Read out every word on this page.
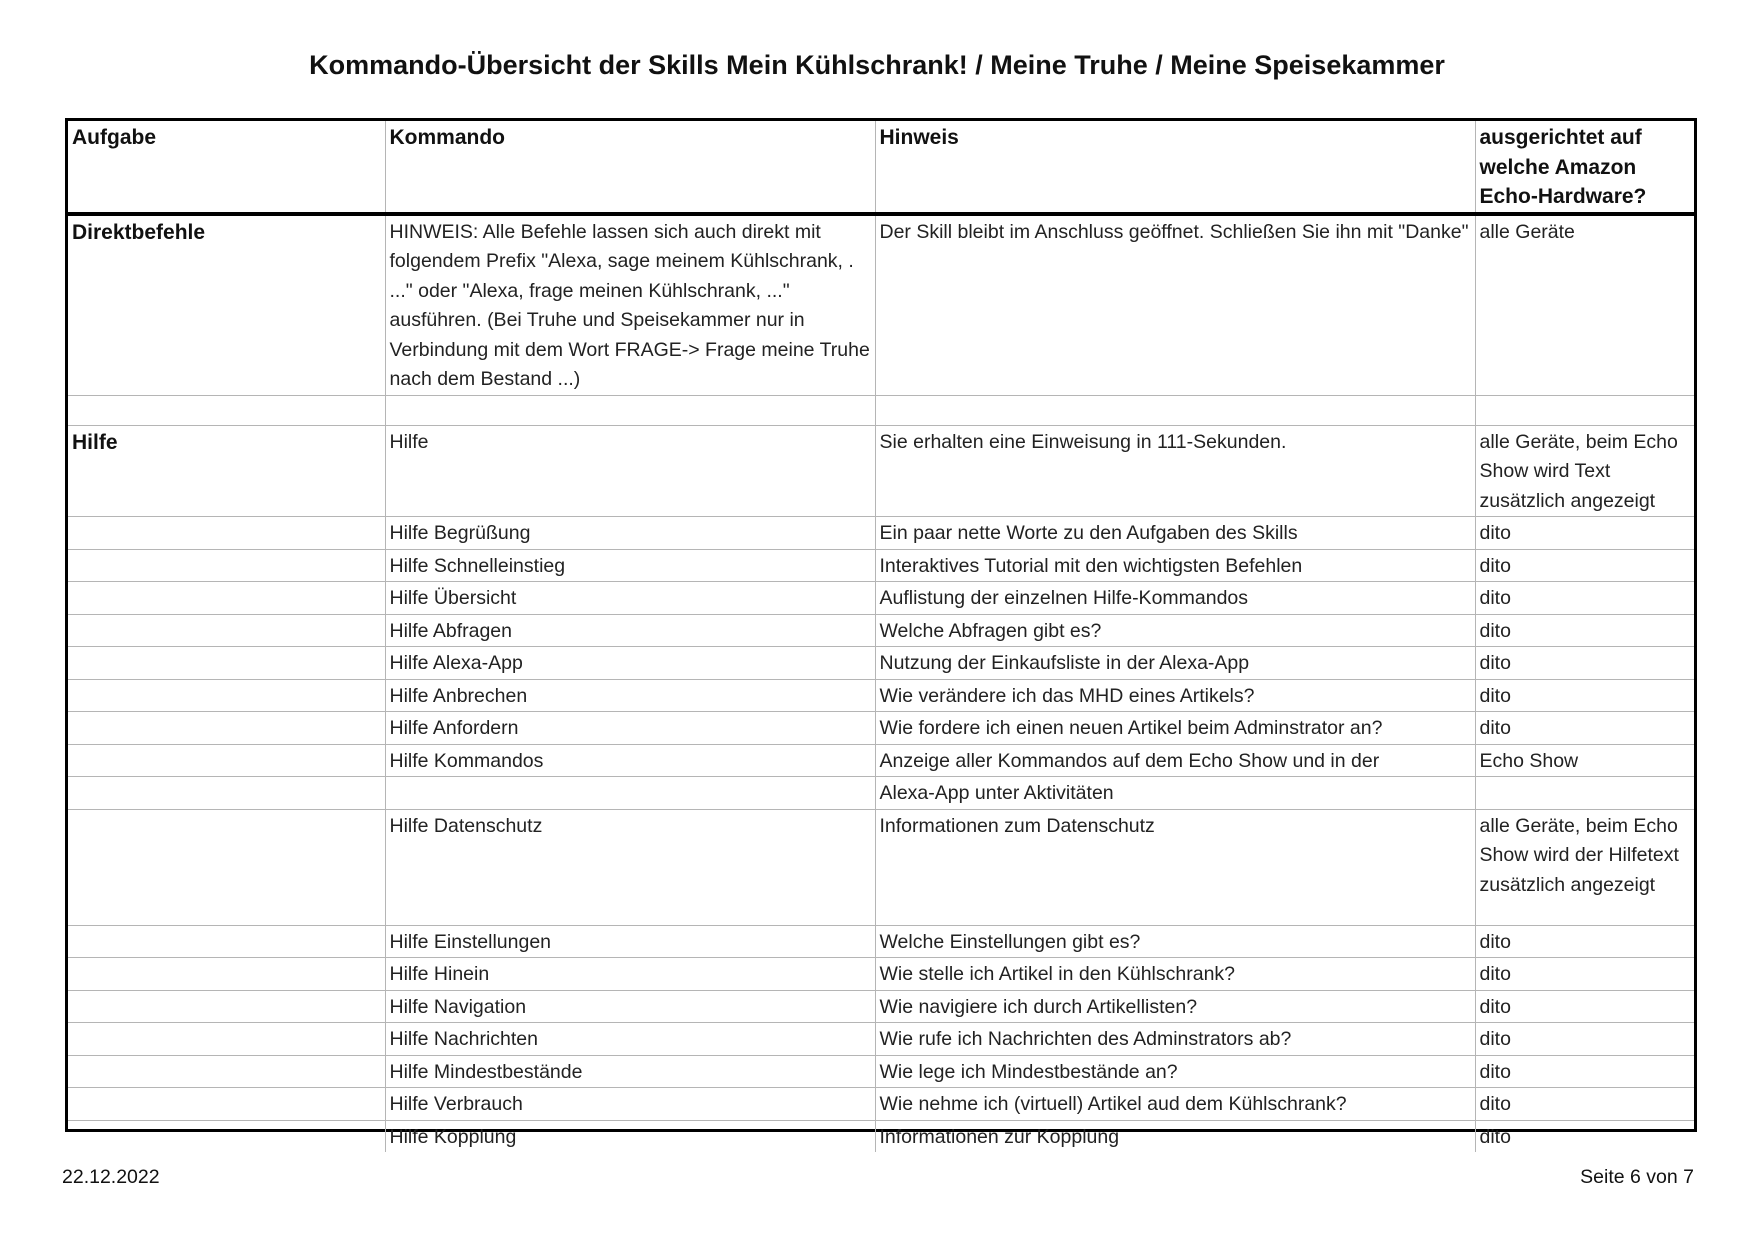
Kommando-Übersicht der Skills Mein Kühlschrank! / Meine Truhe / Meine Speisekammer
Aufgabe	Kommando	Hinweis	ausgerichtet auf welche Amazon Echo-Hardware?
Direktbefehle	HINWEIS: Alle Befehle lassen sich auch direkt mit folgendem Prefix "Alexa, sage meinem Kühlschrank, . ..." oder "Alexa, frage meinen Kühlschrank, ..." ausführen. (Bei Truhe und Speisekammer nur in Verbindung mit dem Wort FRAGE-> Frage meine Truhe nach dem Bestand ...)	Der Skill bleibt im Anschluss geöffnet. Schließen Sie ihn mit "Danke"	alle Geräte

Hilfe	Hilfe	Sie erhalten eine Einweisung in 111-Sekunden.	alle Geräte, beim Echo Show wird Text zusätzlich angezeigt
	Hilfe Begrüßung	Ein paar nette Worte zu den Aufgaben des Skills	dito
	Hilfe Schnelleinstieg	Interaktives Tutorial mit den wichtigsten Befehlen	dito
	Hilfe Übersicht	Auflistung der einzelnen Hilfe-Kommandos	dito
	Hilfe Abfragen	Welche Abfragen gibt es?	dito
	Hilfe Alexa-App	Nutzung der Einkaufsliste in der Alexa-App	dito
	Hilfe Anbrechen	Wie verändere ich das MHD eines Artikels?	dito
	Hilfe Anfordern	Wie fordere ich einen neuen Artikel beim Adminstrator an?	dito
	Hilfe Kommandos	Anzeige aller Kommandos auf dem Echo Show und in der	Echo Show
		Alexa-App unter Aktivitäten	
	Hilfe Datenschutz	Informationen zum Datenschutz	alle Geräte, beim Echo Show wird der Hilfetext zusätzlich angezeigt
	Hilfe Einstellungen	Welche Einstellungen gibt es?	dito
	Hilfe Hinein	Wie stelle ich Artikel in den Kühlschrank?	dito
	Hilfe Navigation	Wie navigiere ich durch Artikellisten?	dito
	Hilfe Nachrichten	Wie rufe ich Nachrichten des Adminstrators ab?	dito
	Hilfe Mindestbestände	Wie lege ich Mindestbestände an?	dito
	Hilfe Verbrauch	Wie nehme ich (virtuell) Artikel aud dem Kühlschrank?	dito
	Hilfe Kopplung	Informationen zur Kopplung	dito
22.12.2022	Seite 6 von 7
